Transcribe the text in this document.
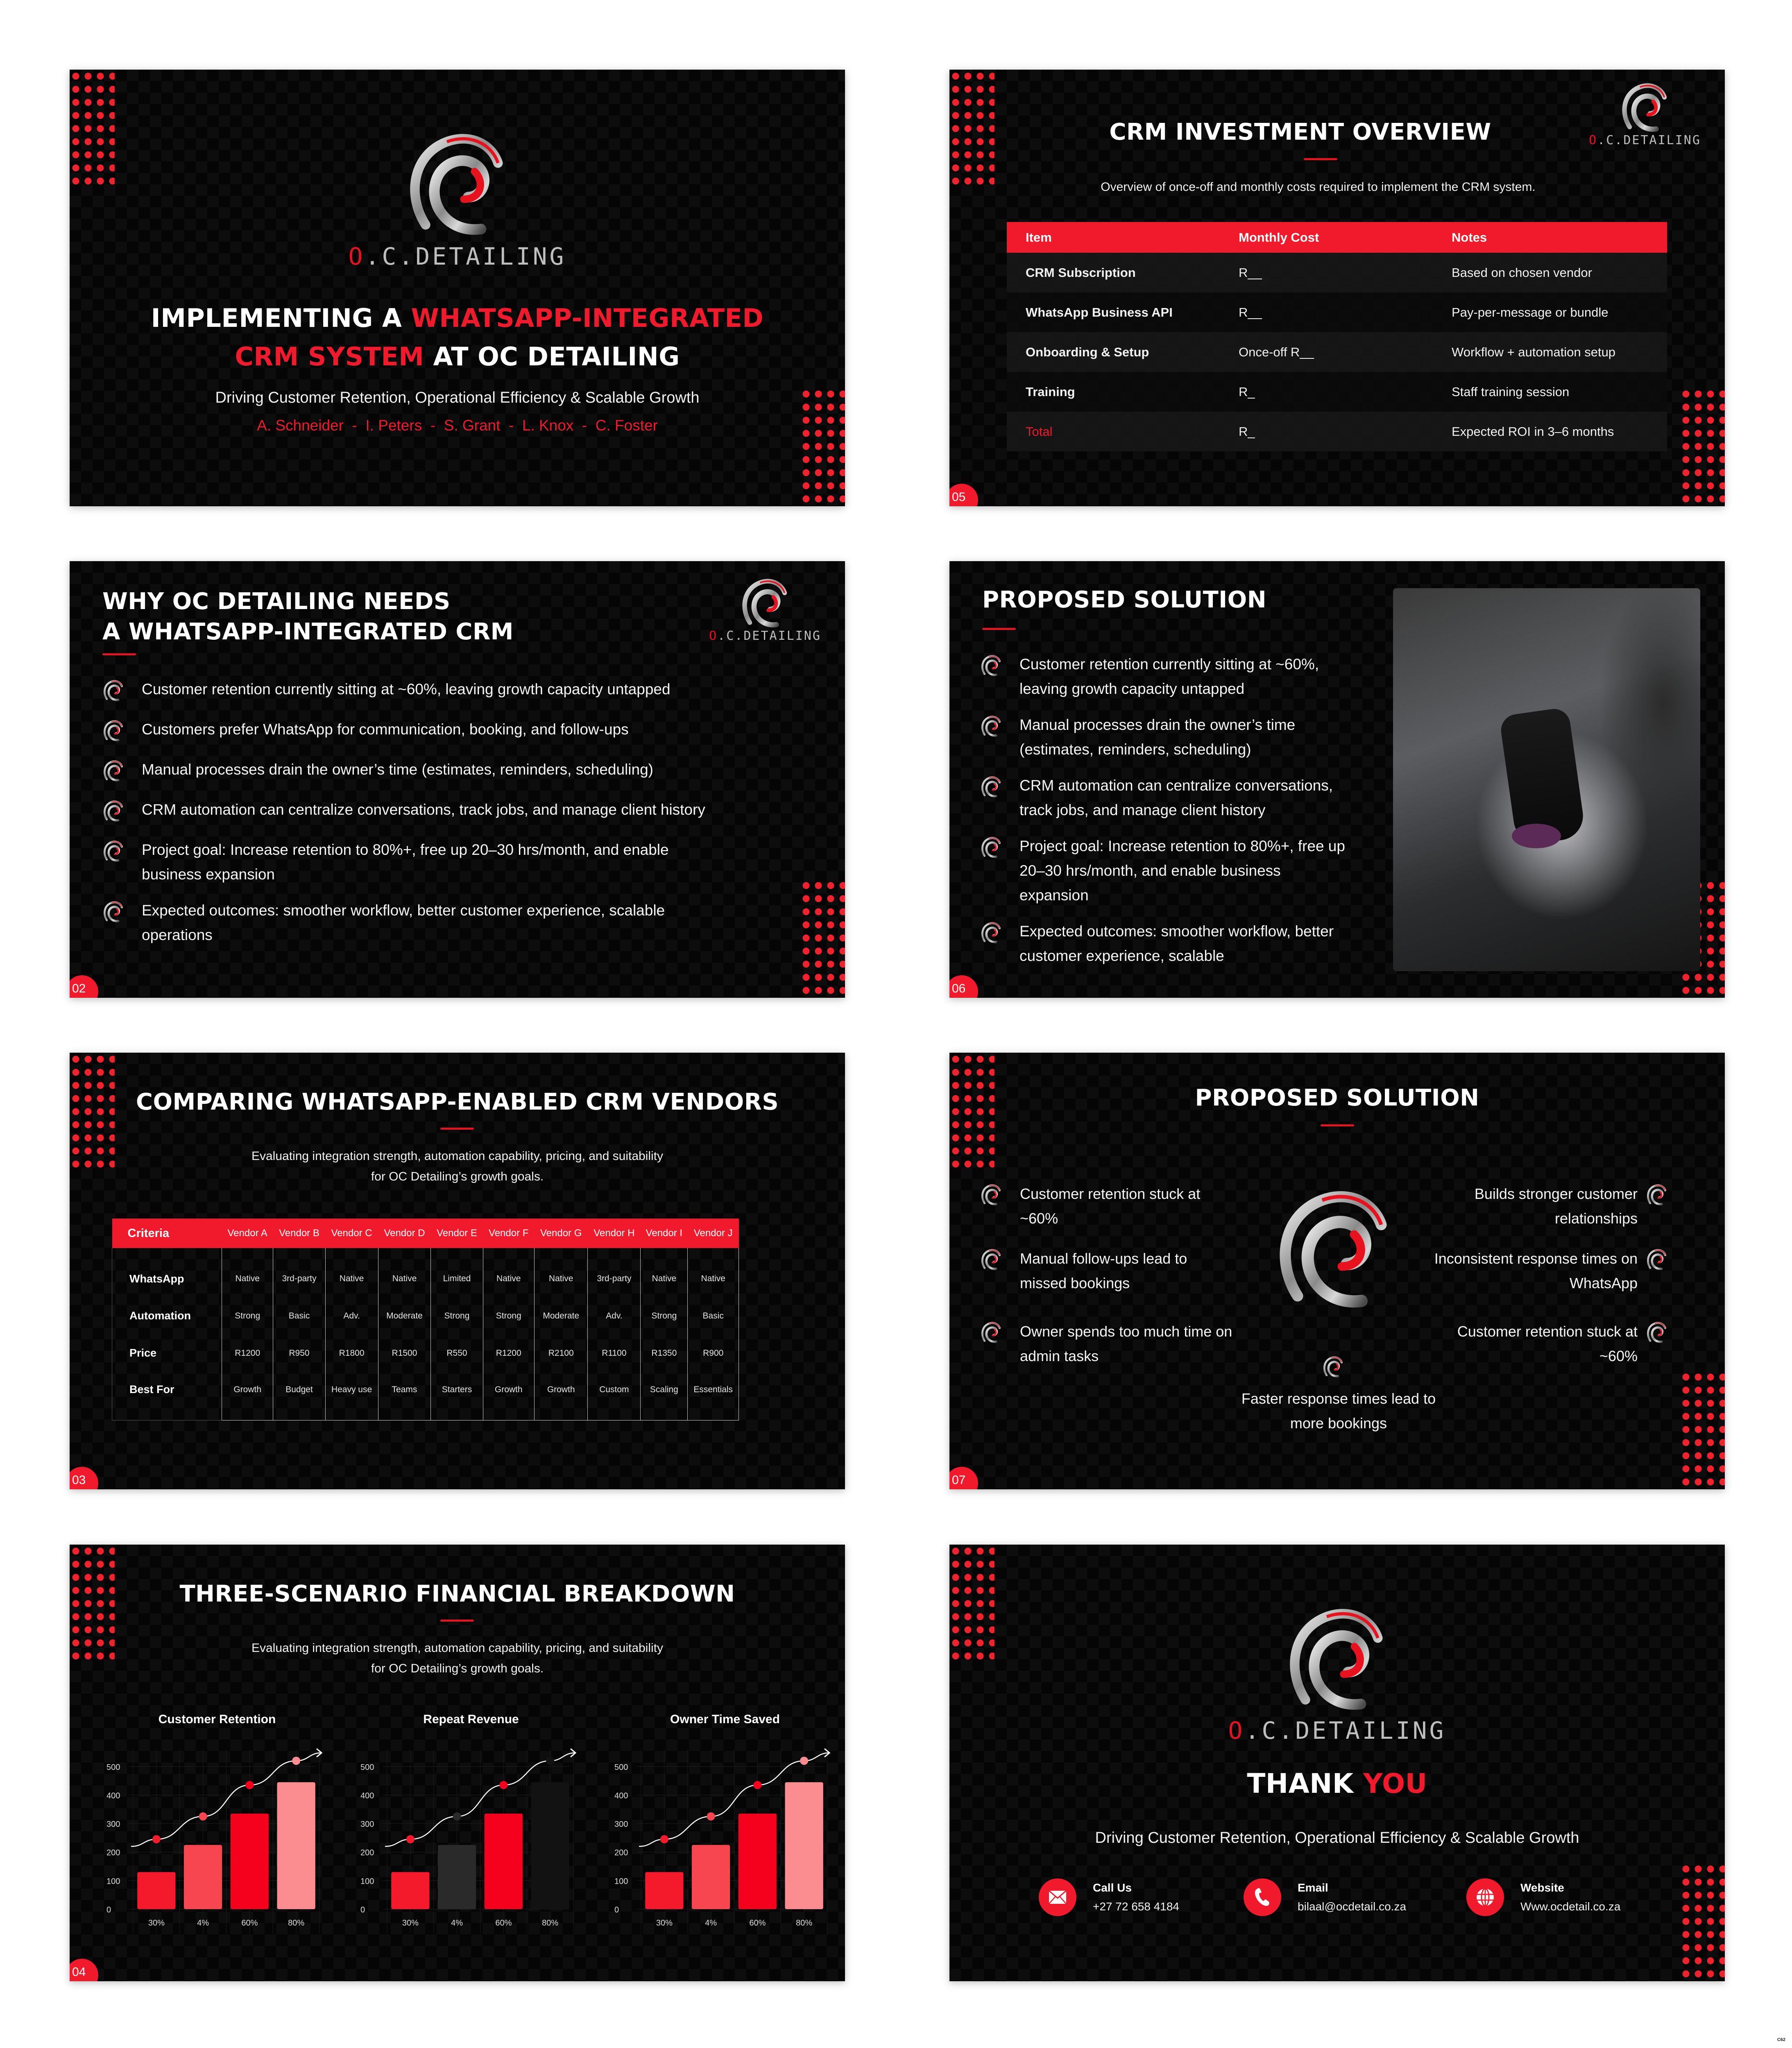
O.C.DETAILING
IMPLEMENTING A WHATSAPP-INTEGRATED
CRM SYSTEM AT OC DETAILING
Driving Customer Retention, Operational Efficiency & Scalable Growth
A. Schneider  -  I. Peters  -  S. Grant  -  L. Knox  -  C. Foster
O.C.DETAILING
CRM INVESTMENT OVERVIEW
Overview of once-off and monthly costs required to implement the CRM system.
Item	Monthly Cost	Notes
CRM Subscription	R__	Based on chosen vendor
WhatsApp Business API	R__	Pay-per-message or bundle
Onboarding & Setup	Once-off R__	Workflow + automation setup
Training	R_	Staff training session
Total	R_	Expected ROI in 3–6 months
05
O.C.DETAILING
WHY OC DETAILING NEEDS
A WHATSAPP-INTEGRATED CRM
Customer retention currently sitting at ~60%, leaving growth capacity untapped
Customers prefer WhatsApp for communication, booking, and follow-ups
Manual processes drain the owner’s time (estimates, reminders, scheduling)
CRM automation can centralize conversations, track jobs, and manage client history
Project goal: Increase retention to 80%+, free up 20–30 hrs/month, and enable business expansion
Expected outcomes: smoother workflow, better customer experience, scalable operations
02
PROPOSED SOLUTION
Customer retention currently sitting at ~60%, leaving growth capacity untapped
Manual processes drain the owner’s time (estimates, reminders, scheduling)
CRM automation can centralize conversations, track jobs, and manage client history
Project goal: Increase retention to 80%+, free up 20–30 hrs/month, and enable business expansion
Expected outcomes: smoother workflow, better customer experience, scalable
06
COMPARING WHATSAPP-ENABLED CRM VENDORS
Evaluating integration strength, automation capability, pricing, and suitability
for OC Detailing’s growth goals.
Criteria	Vendor A	Vendor B	Vendor C	Vendor D	Vendor E	Vendor F	Vendor G	Vendor H	Vendor I	Vendor J
WhatsApp	Native	3rd-party	Native	Native	Limited	Native	Native	3rd-party	Native	Native
Automation	Strong	Basic	Adv.	Moderate	Strong	Strong	Moderate	Adv.	Strong	Basic
Price	R1200	R950	R1800	R1500	R550	R1200	R2100	R1100	R1350	R900
Best For	Growth	Budget	Heavy use	Teams	Starters	Growth	Growth	Custom	Scaling	Essentials
03
PROPOSED SOLUTION
Customer retention stuck at ~60%
Manual follow-ups lead to missed bookings
Owner spends too much time on admin tasks
Builds stronger customer relationships
Inconsistent response times on WhatsApp
Customer retention stuck at ~60%
Faster response times lead to more bookings
07
THREE-SCENARIO FINANCIAL BREAKDOWN
Evaluating integration strength, automation capability, pricing, and suitability
for OC Detailing’s growth goals.
Customer Retention
0
100
200
300
400
500
30%	4%	60%	80%
Repeat Revenue
0
100
200
300
400
500
30%	4%	60%	80%
Owner Time Saved
0
100
200
300
400
500
30%	4%	60%	80%
04
O.C.DETAILING
THANK YOU
Driving Customer Retention, Operational Efficiency & Scalable Growth
Call Us
+27 72 658 4184
Email
bilaal@ocdetail.co.za
Website
Www.ocdetail.co.za
C62
